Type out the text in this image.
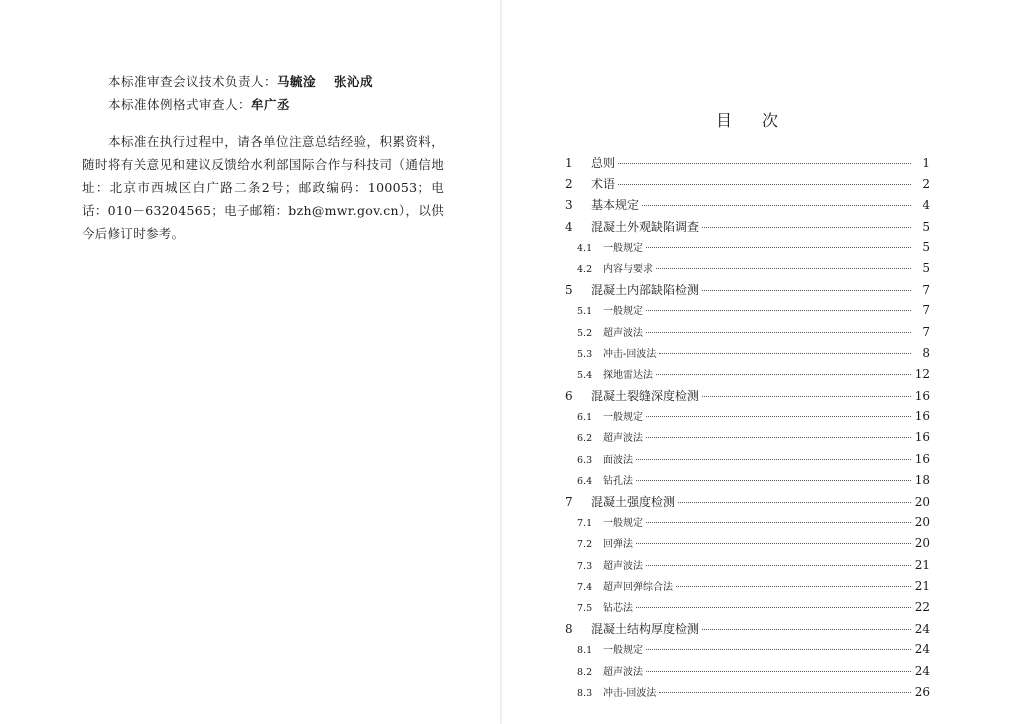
本标准审查会议技术负责人：马毓淦 张沁成
本标准体例格式审查人：牟广丞

本标准在执行过程中，请各单位注意总结经验，积累资料，随时将有关意见和建议反馈给水利部国际合作与科技司（通信地址：北京市西城区白广路二条2号；邮政编码：100053；电话：010－63204565；电子邮箱：bzh@mwr.gov.cn），以供今后修订时参考。

目次
1	总则	1
2	术语	2
3	基本规定	4
4	混凝土外观缺陷调查	5
4.1	一般规定	5
4.2	内容与要求	5
5	混凝土内部缺陷检测	7
5.1	一般规定	7
5.2	超声波法	7
5.3	冲击-回波法	8
5.4	探地雷达法	12
6	混凝土裂缝深度检测	16
6.1	一般规定	16
6.2	超声波法	16
6.3	面波法	16
6.4	钻孔法	18
7	混凝土强度检测	20
7.1	一般规定	20
7.2	回弹法	20
7.3	超声波法	21
7.4	超声回弹综合法	21
7.5	钻芯法	22
8	混凝土结构厚度检测	24
8.1	一般规定	24
8.2	超声波法	24
8.3	冲击-回波法	26
